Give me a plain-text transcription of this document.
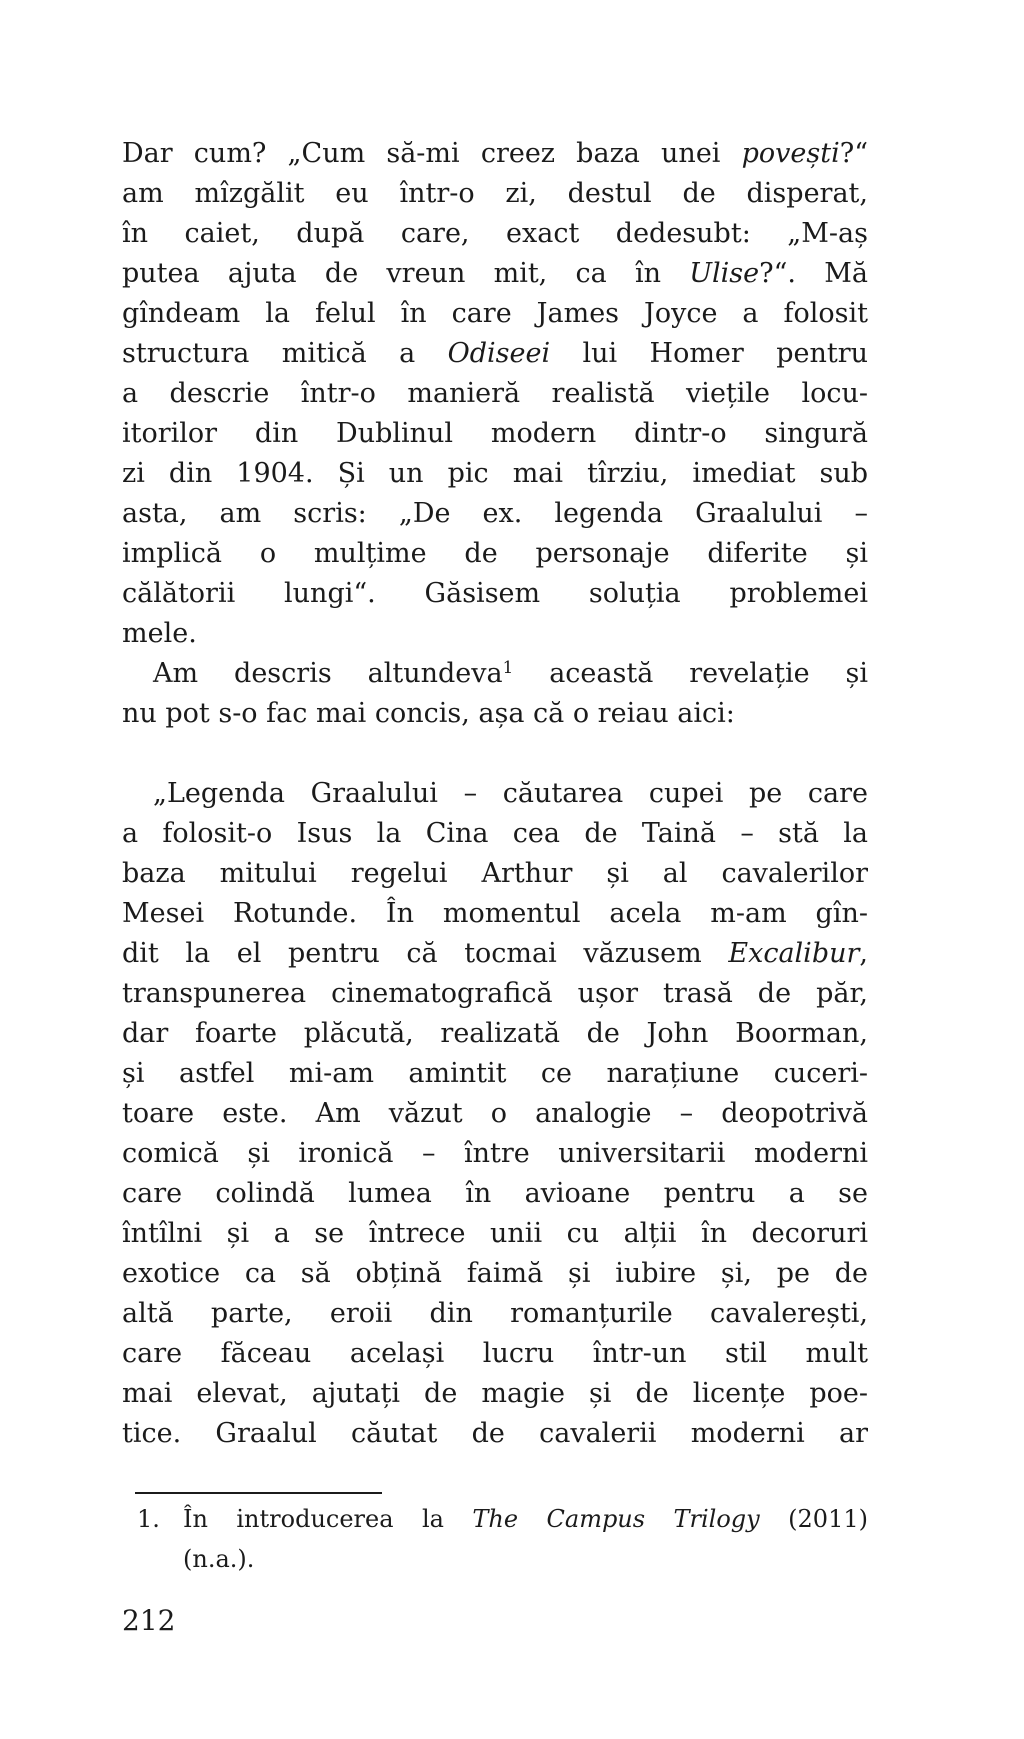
Dar cum? „Cum să-mi creez baza unei povești?“
am mîzgălit eu într-o zi, destul de disperat,
în caiet, după care, exact dedesubt: „M-aș
putea ajuta de vreun mit, ca în Ulise?“. Mă
gîndeam la felul în care James Joyce a folosit
structura mitică a Odiseei lui Homer pentru
a descrie într-o manieră realistă viețile locu-
itorilor din Dublinul modern dintr-o singură
zi din 1904. Și un pic mai tîrziu, imediat sub
asta, am scris: „De ex. legenda Graalului –
implică o mulțime de personaje diferite și
călătorii lungi“. Găsisem soluția problemei
mele.
Am descris altundeva$^1$ această revelație și
nu pot s-o fac mai concis, așa că o reiau aici:
„Legenda Graalului – căutarea cupei pe care
a folosit-o Isus la Cina cea de Taină – stă la
baza mitului regelui Arthur și al cavalerilor
Mesei Rotunde. În momentul acela m-am gîn-
dit la el pentru că tocmai văzusem Excalibur,
transpunerea cinematografică ușor trasă de păr,
dar foarte plăcută, realizată de John Boorman,
și astfel mi-am amintit ce narațiune cuceri-
toare este. Am văzut o analogie – deopotrivă
comică și ironică – între universitarii moderni
care colindă lumea în avioane pentru a se
întîlni și a se întrece unii cu alții în decoruri
exotice ca să obțină faimă și iubire și, pe de
altă parte, eroii din romanțurile cavalerești,
care făceau același lucru într-un stil mult
mai elevat, ajutați de magie și de licențe poe-
tice. Graalul căutat de cavalerii moderni ar
1. În introducerea la The Campus Trilogy (2011)
(n.a.).
212
